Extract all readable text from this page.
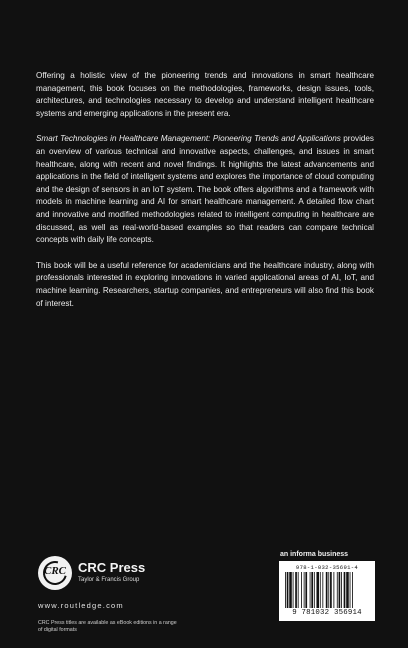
Offering a holistic view of the pioneering trends and innovations in smart healthcare management, this book focuses on the methodologies, frameworks, design issues, tools, architectures, and technologies necessary to develop and understand intelligent healthcare systems and emerging applications in the present era.

Smart Technologies in Healthcare Management: Pioneering Trends and Applications provides an overview of various technical and innovative aspects, challenges, and issues in smart healthcare, along with recent and novel findings. It highlights the latest advancements and applications in the field of intelligent systems and explores the importance of cloud computing and the design of sensors in an IoT system. The book offers algorithms and a framework with models in machine learning and AI for smart healthcare management. A detailed flow chart and innovative and modified methodologies related to intelligent computing in healthcare are discussed, as well as real-world-based examples so that readers can compare technical concepts with daily life concepts.

This book will be a useful reference for academicians and the healthcare industry, along with professionals interested in exploring innovations in varied applicational areas of AI, IoT, and machine learning. Researchers, startup companies, and entrepreneurs will also find this book of interest.

CRC CRC Press
Taylor & Francis Group
www.routledge.com
CRC Press titles are available as eBook editions in a range of digital formats
an informa business
978-1-032-35691-4
9 781032 356914
